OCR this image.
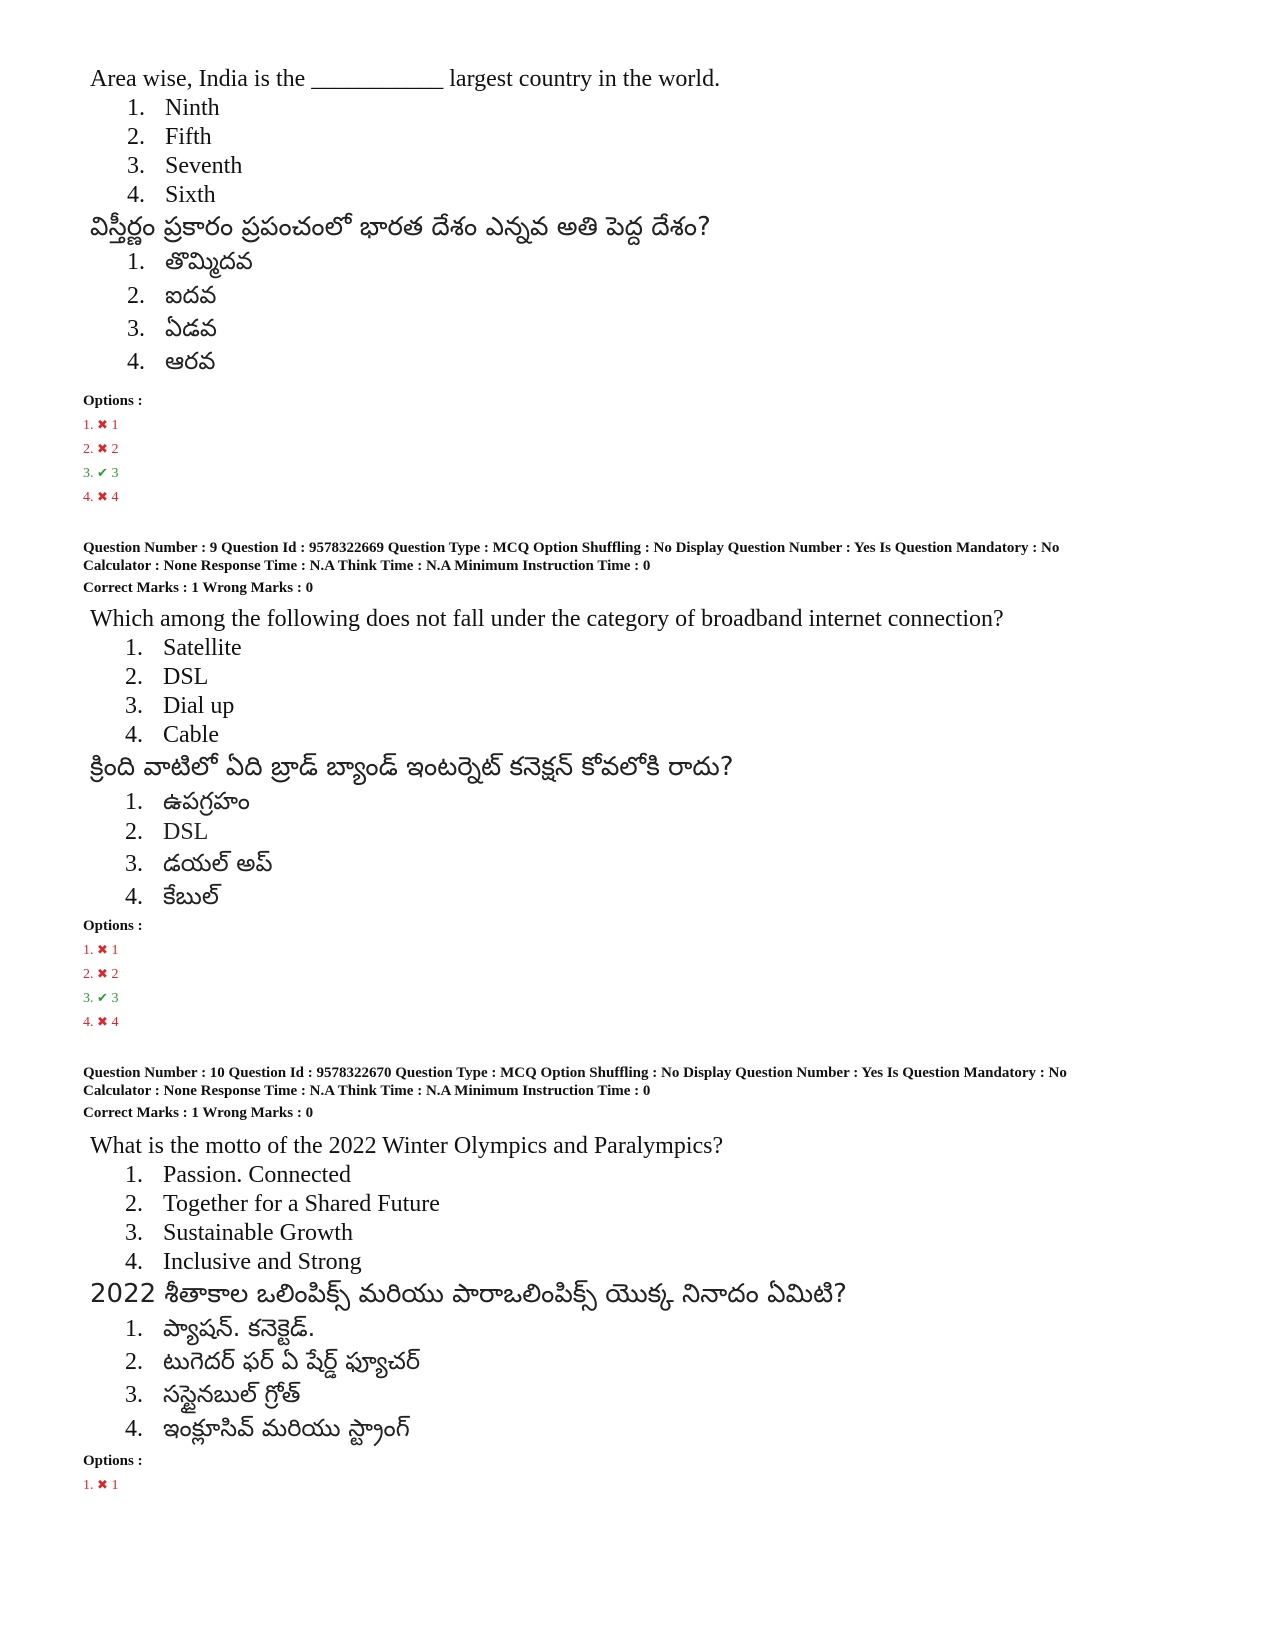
Area wise, India is the ___________ largest country in the world.
1. Ninth
2. Fifth
3. Seventh
4. Sixth
విస్తీర్ణం ప్రకారం ప్రపంచంలో భారత దేశం ఎన్నవ అతి పెద్ద దేశం?
1. తొమ్మిదవ
2. ఐదవ
3. ఏడవ
4. ఆరవ
Options :
1. ✖ 1
2. ✖ 2
3. ✔ 3
4. ✖ 4
Question Number : 9 Question Id : 9578322669 Question Type : MCQ Option Shuffling : No Display Question Number : Yes Is Question Mandatory : No
Calculator : None Response Time : N.A Think Time : N.A Minimum Instruction Time : 0
Correct Marks : 1 Wrong Marks : 0
Which among the following does not fall under the category of broadband internet connection?
1. Satellite
2. DSL
3. Dial up
4. Cable
క్రింది వాటిలో ఏది బ్రాడ్ బ్యాండ్ ఇంటర్నెట్ కనెక్షన్ కోవలోకి రాదు?
1. ఉపగ్రహం
2. DSL
3. డయల్ అప్
4. కేబుల్
Options :
1. ✖ 1
2. ✖ 2
3. ✔ 3
4. ✖ 4
Question Number : 10 Question Id : 9578322670 Question Type : MCQ Option Shuffling : No Display Question Number : Yes Is Question Mandatory : No
Calculator : None Response Time : N.A Think Time : N.A Minimum Instruction Time : 0
Correct Marks : 1 Wrong Marks : 0
What is the motto of the 2022 Winter Olympics and Paralympics?
1. Passion. Connected
2. Together for a Shared Future
3. Sustainable Growth
4. Inclusive and Strong
2022 శీతాకాల ఒలింపిక్స్ మరియు పారాఒలింపిక్స్ యొక్క నినాదం ఏమిటి?
1. ప్యాషన్. కనెక్టెడ్.
2. టుగెదర్ ఫర్ ఏ షేర్డ్ ఫ్యూచర్
3. సస్టైనబుల్ గ్రోత్
4. ఇంక్లూసివ్ మరియు స్ట్రాంగ్
Options :
1. ✖ 1
